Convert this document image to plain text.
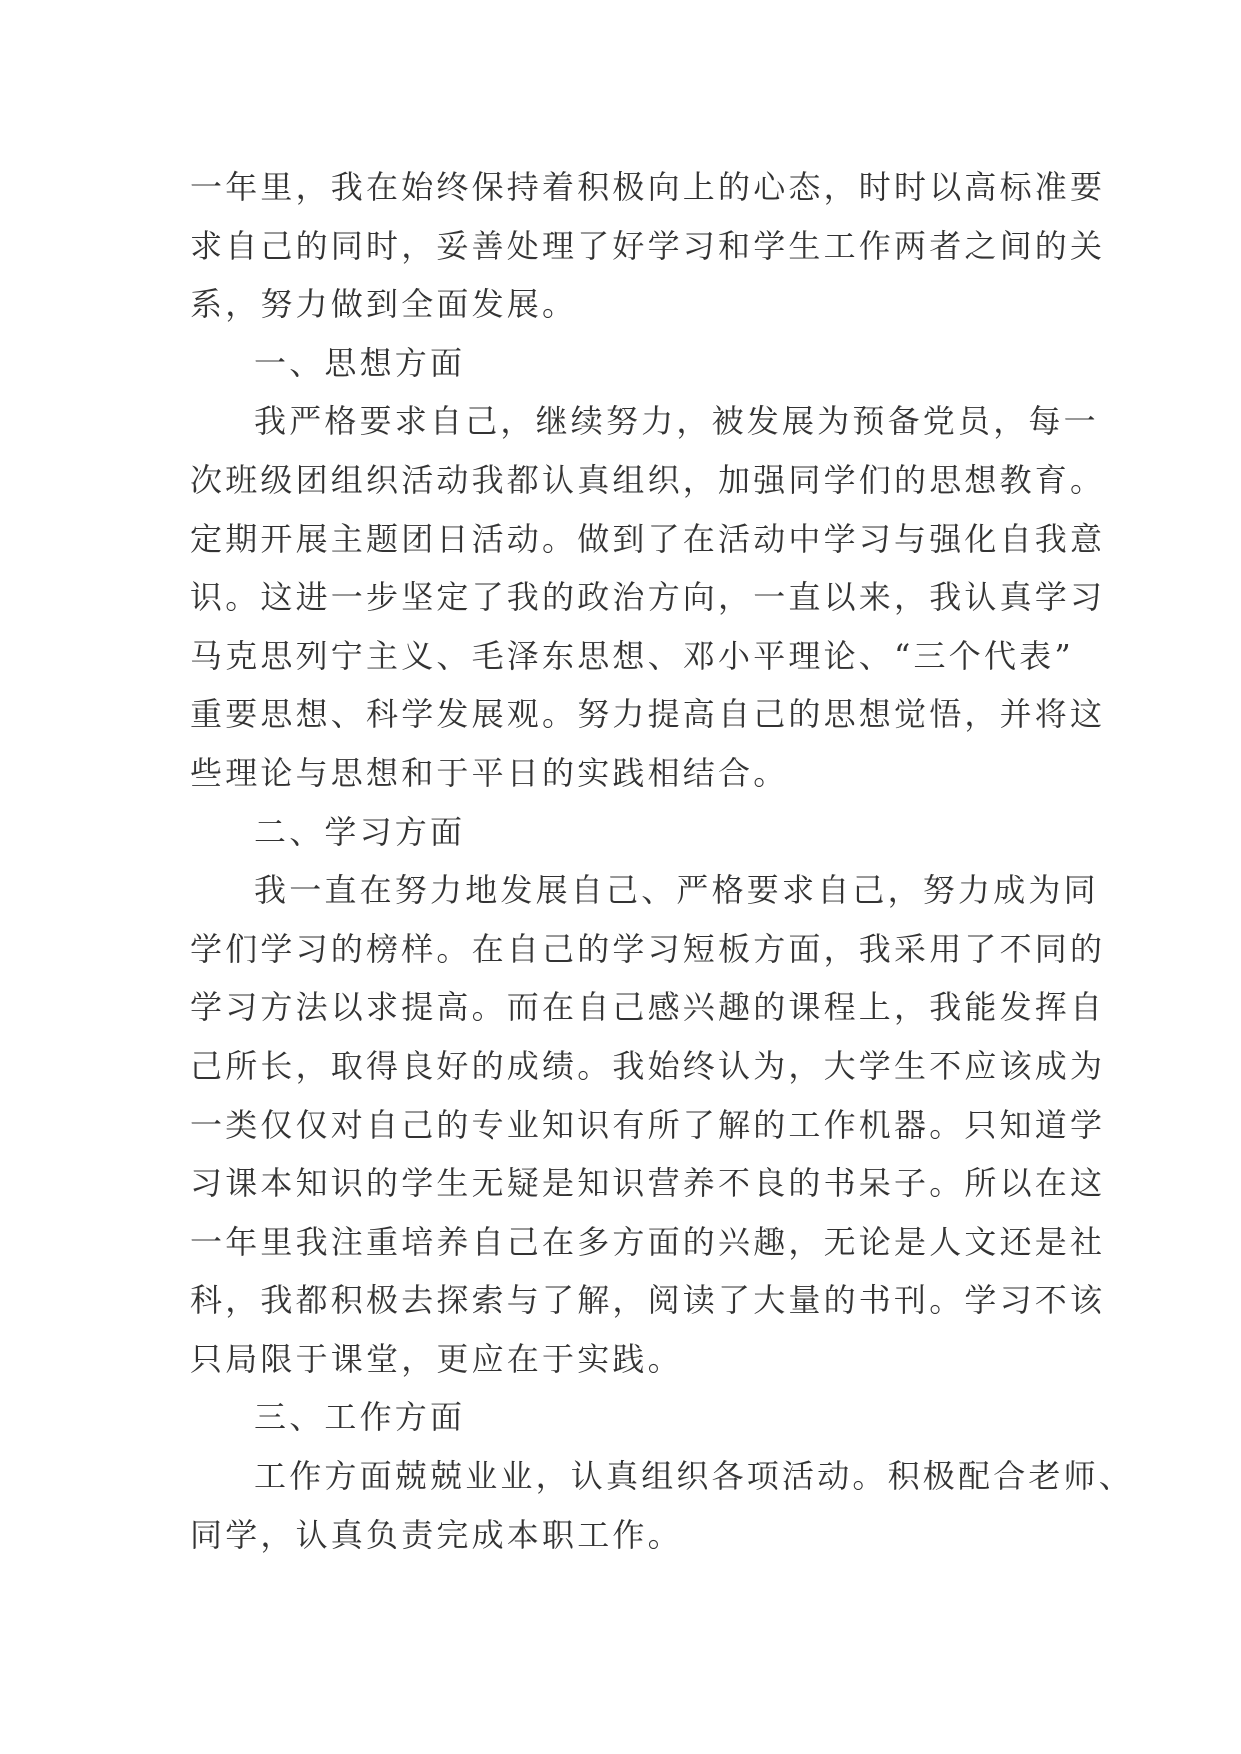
一年里，我在始终保持着积极向上的心态，时时以高标准要
求自己的同时，妥善处理了好学习和学生工作两者之间的关
系，努力做到全面发展。
一、思想方面
我严格要求自己，继续努力，被发展为预备党员，每一
次班级团组织活动我都认真组织，加强同学们的思想教育。
定期开展主题团日活动。做到了在活动中学习与强化自我意
识。这进一步坚定了我的政治方向，一直以来，我认真学习
马克思列宁主义、毛泽东思想、邓小平理论、“三个代表”
重要思想、科学发展观。努力提高自己的思想觉悟，并将这
些理论与思想和于平日的实践相结合。
二、学习方面
我一直在努力地发展自己、严格要求自己，努力成为同
学们学习的榜样。在自己的学习短板方面，我采用了不同的
学习方法以求提高。而在自己感兴趣的课程上，我能发挥自
己所长，取得良好的成绩。我始终认为，大学生不应该成为
一类仅仅对自己的专业知识有所了解的工作机器。只知道学
习课本知识的学生无疑是知识营养不良的书呆子。所以在这
一年里我注重培养自己在多方面的兴趣，无论是人文还是社
科，我都积极去探索与了解，阅读了大量的书刊。学习不该
只局限于课堂，更应在于实践。
三、工作方面
工作方面兢兢业业，认真组织各项活动。积极配合老师、
同学，认真负责完成本职工作。
